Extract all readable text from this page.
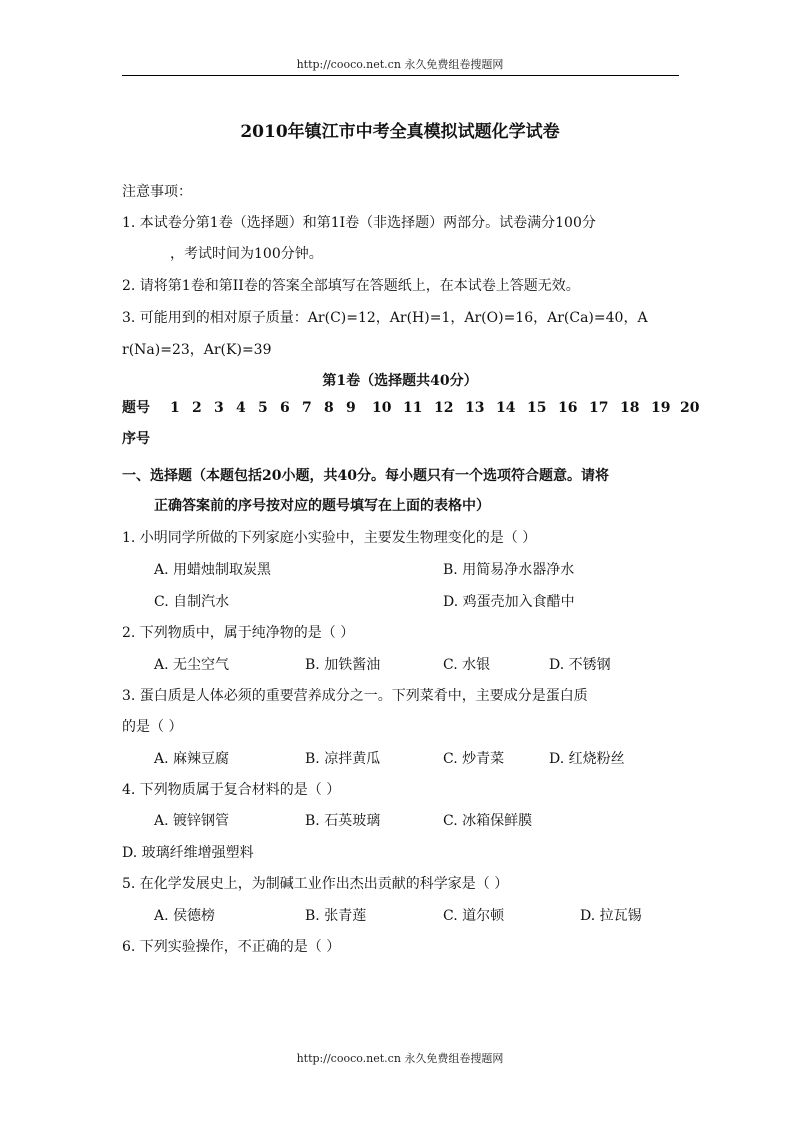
http://cooco.net.cn 永久免费组卷搜题网
2010年镇江市中考全真模拟试题化学试卷
注意事项：
1. 本试卷分第1卷（选择题）和第1I卷（非选择题）两部分。试卷满分100分
，考试时间为100分钟。
2. 请将第1卷和第II卷的答案全部填写在答题纸上，在本试卷上答题无效。
3. 可能用到的相对原子质量：Ar(C)=12，Ar(H)=1，Ar(O)=16，Ar(Ca)=40，A
r(Na)=23，Ar(K)=39
第1卷（选择题共40分）
题号 1 2 3 4 5 6 7 8 9 10 11 12 13 14 15 16 17 18 19 20
序号
一、选择题（本题包括20小题，共40分。每小题只有一个选项符合题意。请将
正确答案前的序号按对应的题号填写在上面的表格中）
1. 小明同学所做的下列家庭小实验中，主要发生物理变化的是（ ）
A. 用蜡烛制取炭黑	B. 用简易净水器净水
C. 自制汽水	D. 鸡蛋壳加入食醋中
2. 下列物质中，属于纯净物的是（ ）
A. 无尘空气	B. 加铁酱油	C. 水银	D. 不锈钢
3. 蛋白质是人体必须的重要营养成分之一。下列菜肴中，主要成分是蛋白质
的是（ ）
A. 麻辣豆腐	B. 凉拌黄瓜	C. 炒青菜	D. 红烧粉丝
4. 下列物质属于复合材料的是（ ）
A. 镀锌钢管	B. 石英玻璃	C. 冰箱保鲜膜
D. 玻璃纤维增强塑料
5. 在化学发展史上，为制碱工业作出杰出贡献的科学家是（ ）
A. 侯德榜	B. 张青莲	C. 道尔顿	D. 拉瓦锡
6. 下列实验操作，不正确的是（ ）
http://cooco.net.cn 永久免费组卷搜题网
